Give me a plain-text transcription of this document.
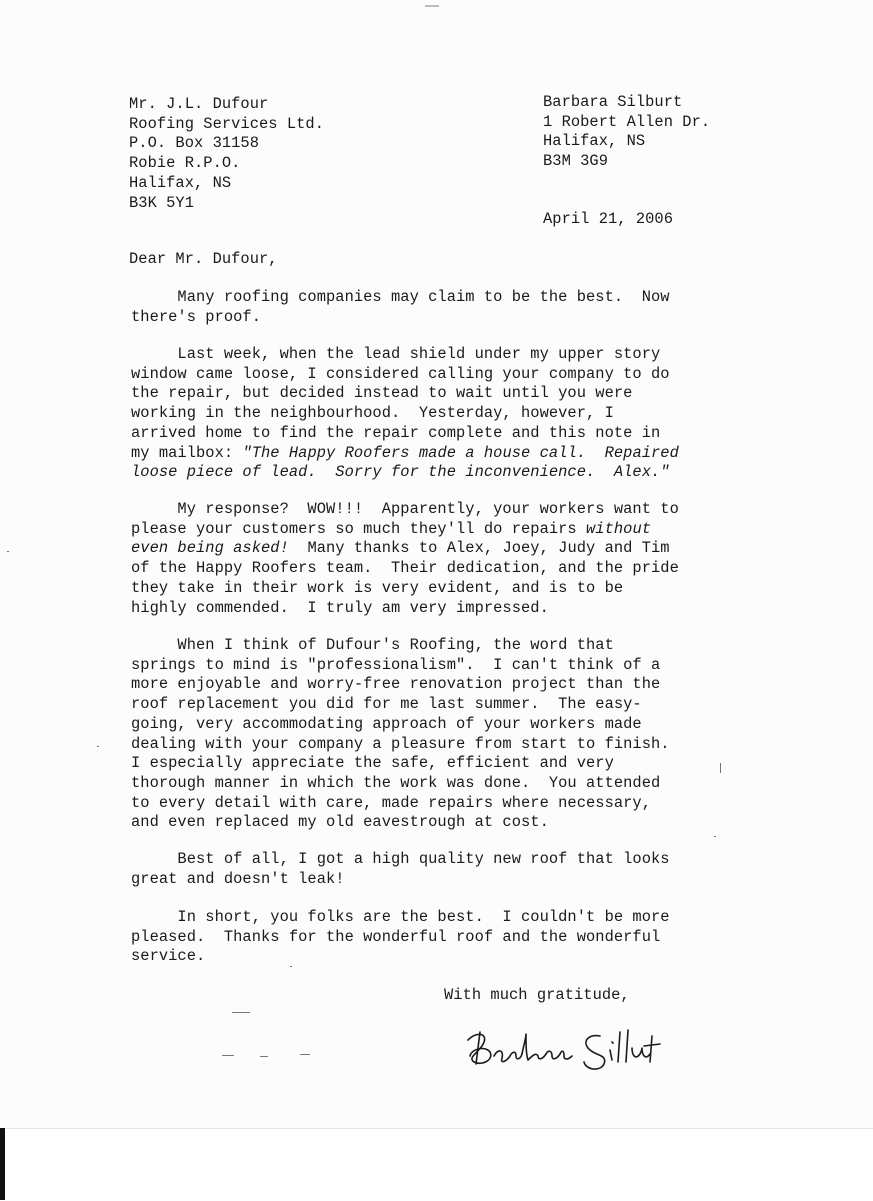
Mr. J.L. Dufour
Roofing Services Ltd.
P.O. Box 31158
Robie R.P.O.
Halifax, NS
B3K 5Y1
Barbara Silburt
1 Robert Allen Dr.
Halifax, NS
B3M 3G9
April 21, 2006
Dear Mr. Dufour,
Many roofing companies may claim to be the best.  Now
there's proof.
Last week, when the lead shield under my upper story
window came loose, I considered calling your company to do
the repair, but decided instead to wait until you were
working in the neighbourhood.  Yesterday, however, I
arrived home to find the repair complete and this note in
my mailbox: "The Happy Roofers made a house call.  Repaired
loose piece of lead.  Sorry for the inconvenience.  Alex."
My response?  WOW!!!  Apparently, your workers want to
please your customers so much they'll do repairs without
even being asked!  Many thanks to Alex, Joey, Judy and Tim
of the Happy Roofers team.  Their dedication, and the pride
they take in their work is very evident, and is to be
highly commended.  I truly am very impressed.
When I think of Dufour's Roofing, the word that
springs to mind is "professionalism".  I can't think of a
more enjoyable and worry-free renovation project than the
roof replacement you did for me last summer.  The easy-
going, very accommodating approach of your workers made
dealing with your company a pleasure from start to finish.
I especially appreciate the safe, efficient and very
thorough manner in which the work was done.  You attended
to every detail with care, made repairs where necessary,
and even replaced my old eavestrough at cost.
Best of all, I got a high quality new roof that looks
great and doesn't leak!
In short, you folks are the best.  I couldn't be more
pleased.  Thanks for the wonderful roof and the wonderful
service.
With much gratitude,
